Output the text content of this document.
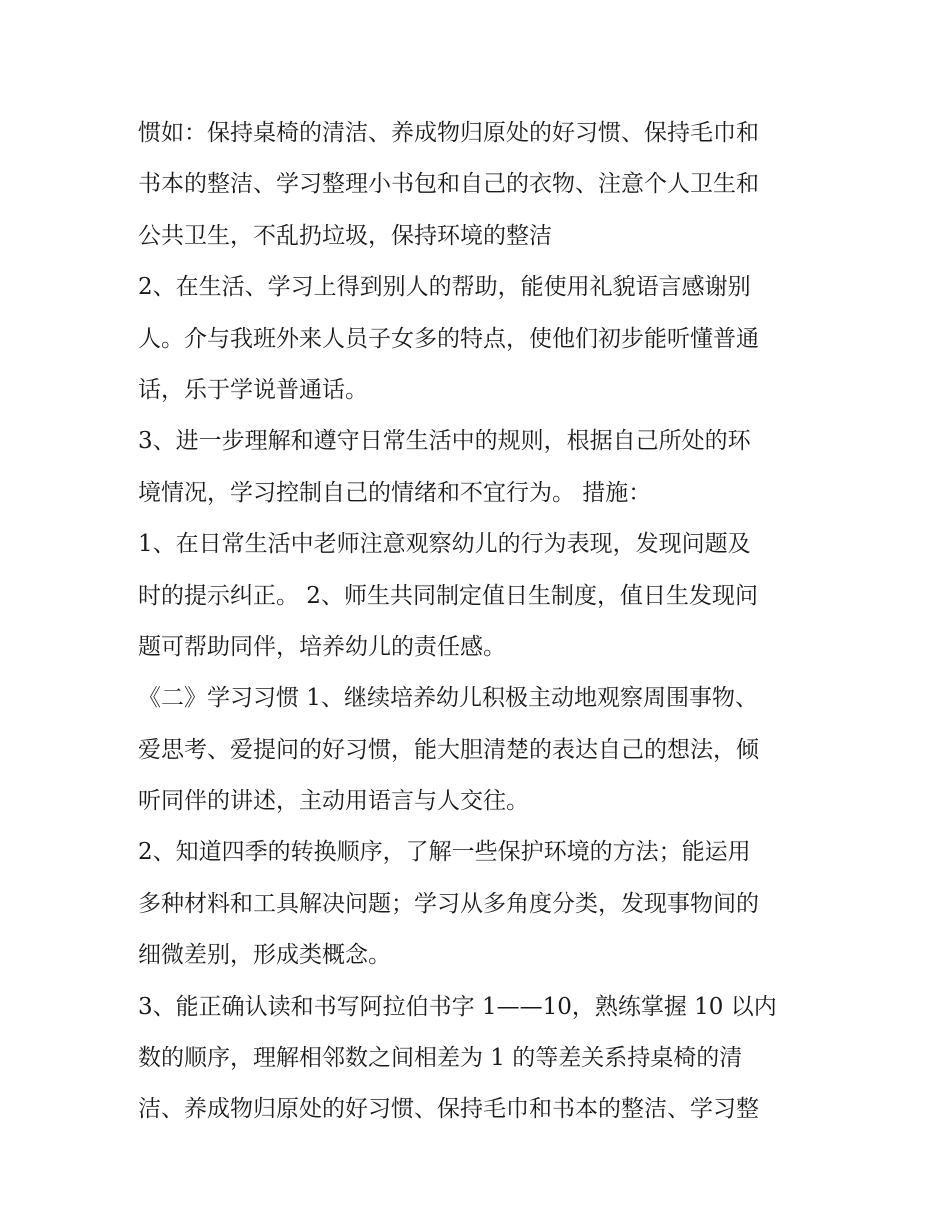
惯如：保持桌椅的清洁、养成物归原处的好习惯、保持毛巾和
书本的整洁、学习整理小书包和自己的衣物、注意个人卫生和
公共卫生，不乱扔垃圾，保持环境的整洁
2、在生活、学习上得到别人的帮助，能使用礼貌语言感谢别
人。介与我班外来人员子女多的特点，使他们初步能听懂普通
话，乐于学说普通话。
3、进一步理解和遵守日常生活中的规则，根据自己所处的环
境情况，学习控制自己的情绪和不宜行为。 措施：
1、在日常生活中老师注意观察幼儿的行为表现，发现问题及
时的提示纠正。 2、师生共同制定值日生制度，值日生发现问
题可帮助同伴，培养幼儿的责任感。
《二》学习习惯 1、继续培养幼儿积极主动地观察周围事物、
爱思考、爱提问的好习惯，能大胆清楚的表达自己的想法，倾
听同伴的讲述，主动用语言与人交往。
2、知道四季的转换顺序，了解一些保护环境的方法；能运用
多种材料和工具解决问题；学习从多角度分类，发现事物间的
细微差别，形成类概念。
3、能正确认读和书写阿拉伯书字 1——10，熟练掌握 10 以内
数的顺序，理解相邻数之间相差为 1 的等差关系持桌椅的清
洁、养成物归原处的好习惯、保持毛巾和书本的整洁、学习整
